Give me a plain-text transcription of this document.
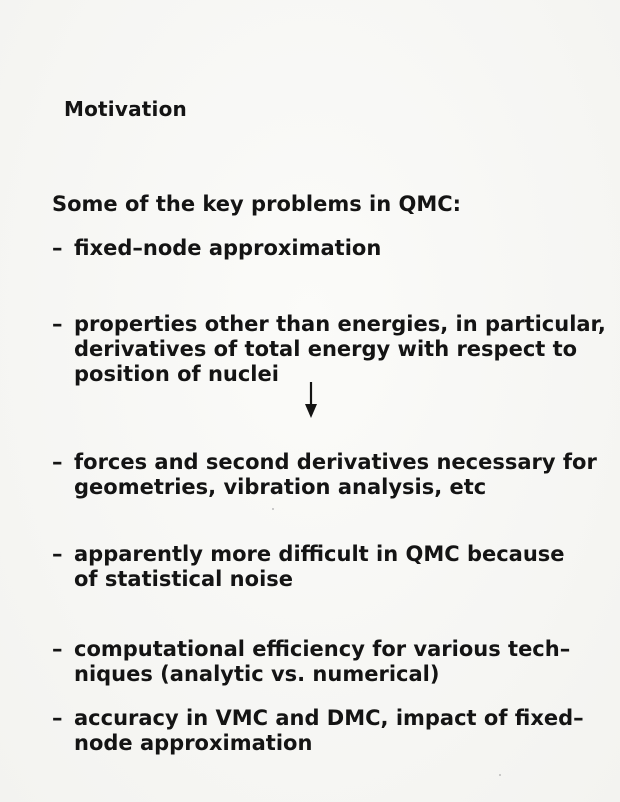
Motivation
Some of the key problems in QMC:
– fixed–node approximation
– properties other than energies, in particular,
derivatives of total energy with respect to
position of nuclei
– forces and second derivatives necessary for
geometries, vibration analysis, etc
– apparently more difficult in QMC because
of statistical noise
– computational efficiency for various tech–
niques (analytic vs. numerical)
– accuracy in VMC and DMC, impact of fixed–
node approximation
